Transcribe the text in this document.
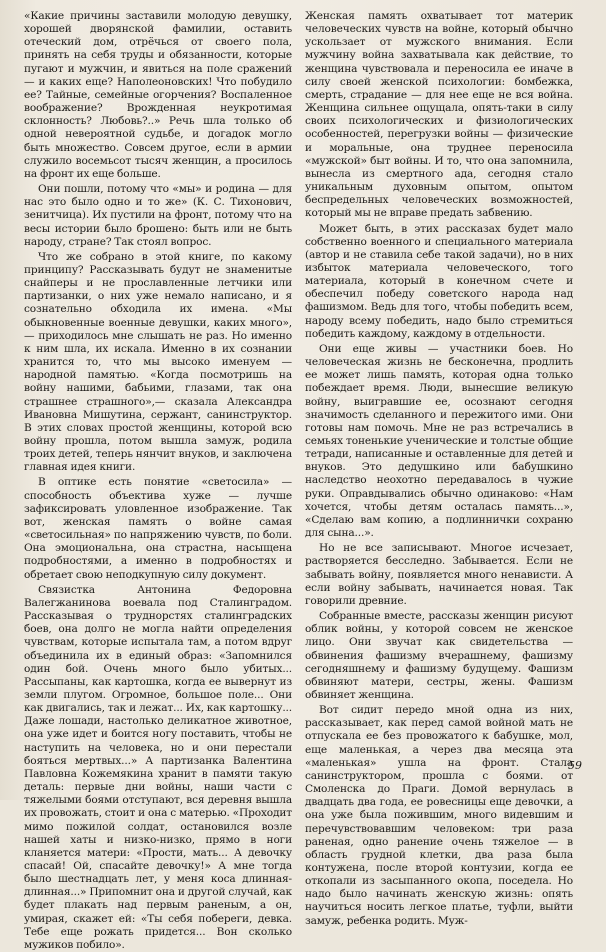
«Какие причины заставили молодую девушку, хорошей дворянской фамилии, оставить отеческий дом, отрёчься от своего пола, принять на себя труды и обязанности, которые пугают и мужчин, и явиться на поле сражений — и каких еще? Наполеоновских! Что побудило ее? Тайные, семейные огорчения? Воспаленное воображение? Врожденная неукротимая склонность? Любовь?..» Речь шла только об одной невероятной судьбе, и догадок могло быть множество. Совсем другое, если в армии служило восемьсот тысяч женщин, а просилось на фронт их еще больше.

Они пошли, потому что «мы» и родина — для нас это было одно и то же» (К. С. Тихонович, зенитчица). Их пустили на фронт, потому что на весы истории было брошено: быть или не быть народу, стране? Так стоял вопрос.

Что же собрано в этой книге, по какому принципу? Рассказывать будут не знаменитые снайперы и не прославленные летчики или партизанки, о них уже немало написано, и я сознательно обходила их имена. «Мы обыкновенные военные девушки, каких много»,— приходилось мне слышать не раз. Но именно к ним шла, их искала. Именно в их сознании хранится то, что мы высоко именуем — народной памятью. «Когда посмотришь на войну нашими, бабьими, глазами, так она страшнее страшного»,— сказала Александра Ивановна Мишутина, сержант, санинструктор. В этих словах простой женщины, которой всю войну прошла, потом вышла замуж, родила троих детей, теперь нянчит внуков, и заключена главная идея книги.

В оптике есть понятие «светосила» — способность объектива хуже — лучше зафиксировать уловленное изображение. Так вот, женская память о войне самая «светосильная» по напряжению чувств, по боли. Она эмоциональна, она страстна, насыщена подробностями, а именно в подробностях и обретает свою неподкупную силу документ.

Связистка Антонина Федоровна Валегжанинова воевала под Сталинградом. Рассказывая о труднорстях сталинградских боев, она долго не могла найти определения чувствам, которые испытала там, а потом вдруг объединила их в единый образ: «Запомнился один бой. Очень много было убитых... Рассыпаны, как картошка, когда ее вывернут из земли плугом. Огромное, большое поле... Они как двигались, так и лежат... Их, как картошку... Даже лошади, настолько деликатное животное, она уже идет и боится ногу поставить, чтобы не наступить на человека, но и они перестали бояться мертвых...» А партизанка Валентина Павловна Кожемякина хранит в памяти такую деталь: первые дни войны, наши части с тяжелыми боями отступают, вся деревня вышла их провожать, стоит и она с матерью. «Проходит мимо пожилой солдат, остановился возле нашей хаты и низко-низко, прямо в ноги кланяется матери: «Прости, мать... А девочку спасай! Ой, спасайте девочку!» А мне тогда было шестнадцать лет, у меня коса длинная-длинная...» Припомнит она и другой случай, как будет плакать над первым раненым, а он, умирая, скажет ей: «Ты себя побереги, девка. Тебе еще рожать придется... Вон сколько мужиков побило».

Женская память охватывает тот материк человеческих чувств на войне, который обычно ускользает от мужского внимания. Если мужчину война захватывала как действие, то женщина чувствовала и переносила ее иначе в силу своей женской психологии: бомбежка, смерть, страдание — для нее еще не вся война. Женщина сильнее ощущала, опять-таки в силу своих психологических и физиологических особенностей, перегрузки войны — физические и моральные, она труднее переносила «мужской» быт войны. И то, что она запомнила, вынесла из смертного ада, сегодня стало уникальным духовным опытом, опытом беспредельных человеческих возможностей, который мы не вправе предать забвению.

Может быть, в этих рассказах будет мало собственно военного и специального материала (автор и не ставила себе такой задачи), но в них избыток материала человеческого, того материала, который в конечном счете и обеспечил победу советского народа над фашизмом. Ведь для того, чтобы победить всем, народу всему победить, надо было стремиться победить каждому, каждому в отдельности.

Они еще живы — участники боев. Но человеческая жизнь не бесконечна, продлить ее может лишь память, которая одна только побеждает время. Люди, вынесшие великую войну, выигравшие ее, осознают сегодня значимость сделанного и пережитого ими. Они готовы нам помочь. Мне не раз встречались в семьях тоненькие ученические и толстые общие тетради, написанные и оставленные для детей и внуков. Это дедушкино или бабушкино наследство неохотно передавалось в чужие руки. Оправдывались обычно одинаково: «Нам хочется, чтобы детям осталась память...», «Сделаю вам копию, а подлиннички сохраню для сына...».

Но не все записывают. Многое исчезает, растворяется бесследно. Забывается. Если не забывать войну, появляется много ненависти. А если войну забывать, начинается новая. Так говорили древние.

Собранные вместе, рассказы женщин рисуют облик войны, у которой совсем не женское лицо. Они звучат как свидетельства — обвинения фашизму вчерашнему, фашизму сегодняшнему и фашизму будущему. Фашизм обвиняют матери, сестры, жены. Фашизм обвиняет женщина.

Вот сидит передо мной одна из них, рассказывает, как перед самой войной мать не отпускала ее без провожатого к бабушке, мол, еще маленькая, а через два месяца эта «маленькая» ушла на фронт. Стала санинструктором, прошла с боями. от Смоленска до Праги. Домой вернулась в двадцать два года, ее ровесницы еще девочки, а она уже была пожившим, много видевшим и перечувствовавшим человеком: три раза раненая, одно ранение очень тяжелое — в область грудной клетки, два раза была контужена, после второй контузии, когда ее откопали из засыпанного окопа, поседела. Но надо было начинать женскую жизнь: опять научиться носить легкое платье, туфли, выйти замуж, ребенка родить. Муж-

59
